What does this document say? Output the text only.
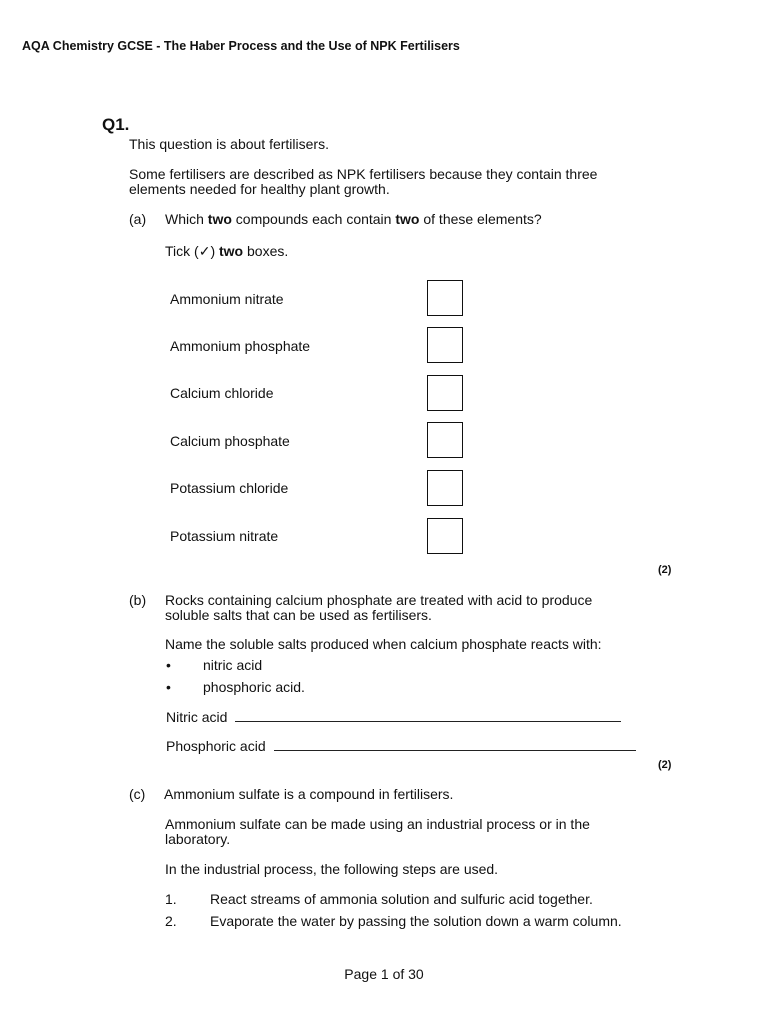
AQA Chemistry GCSE - The Haber Process and the Use of NPK Fertilisers
Q1.
This question is about fertilisers.
Some fertilisers are described as NPK fertilisers because they contain three
elements needed for healthy plant growth.
(a) Which two compounds each contain two of these elements?
Tick (✓) two boxes.
Ammonium nitrate
Ammonium phosphate
Calcium chloride
Calcium phosphate
Potassium chloride
Potassium nitrate
(2)
(b) Rocks containing calcium phosphate are treated with acid to produce
soluble salts that can be used as fertilisers.
Name the soluble salts produced when calcium phosphate reacts with:
• nitric acid
• phosphoric acid.
Nitric acid
Phosphoric acid
(2)
(c) Ammonium sulfate is a compound in fertilisers.
Ammonium sulfate can be made using an industrial process or in the
laboratory.
In the industrial process, the following steps are used.
1. React streams of ammonia solution and sulfuric acid together.
2. Evaporate the water by passing the solution down a warm column.
Page 1 of 30
